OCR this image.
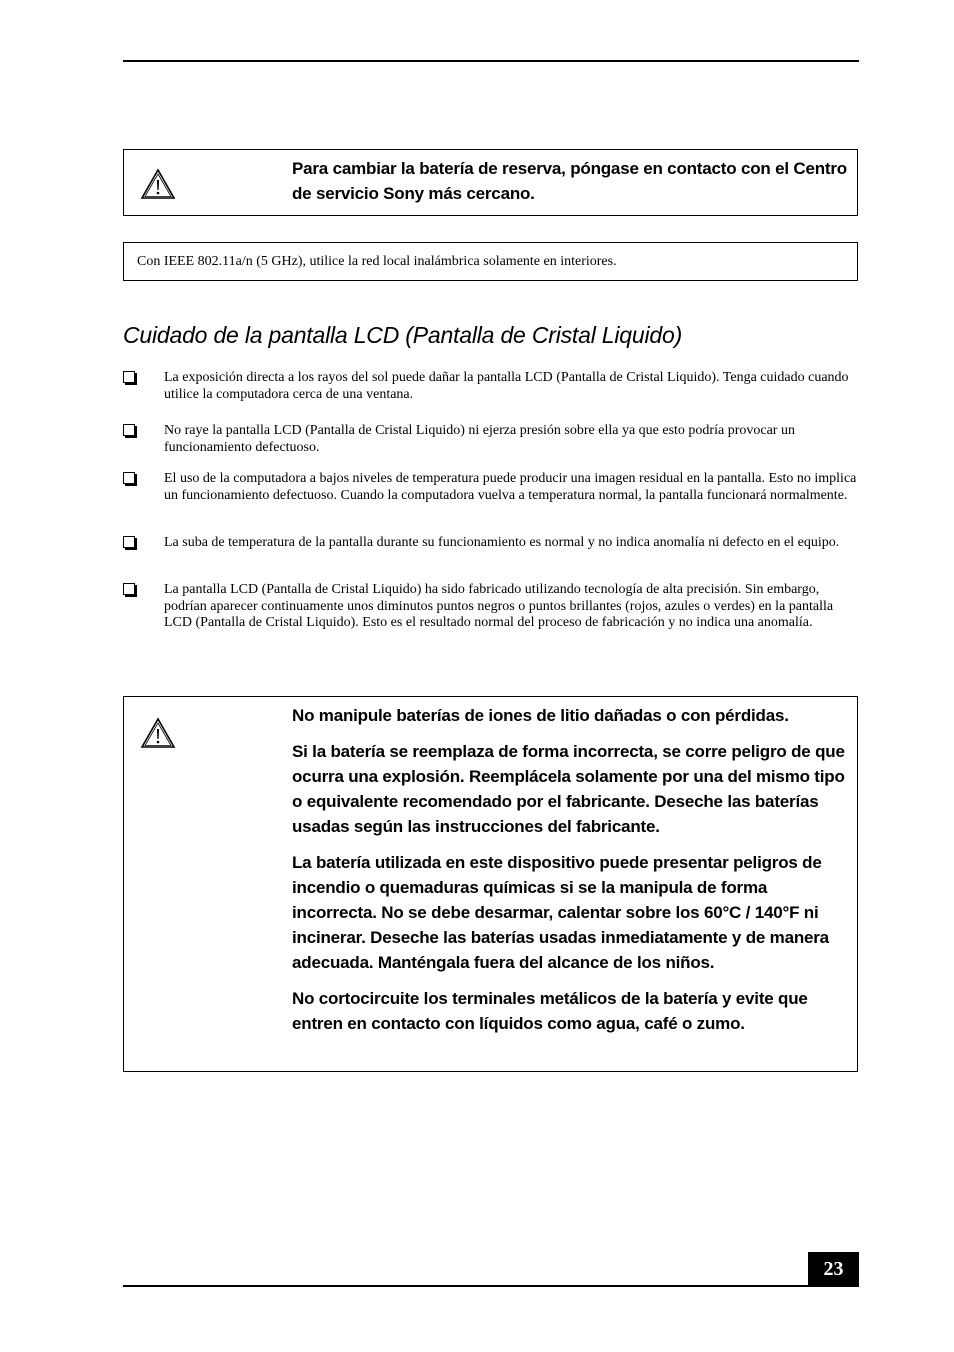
Para cambiar la batería de reserva, póngase en contacto con el Centro de servicio Sony más cercano.

Con IEEE 802.11a/n (5 GHz), utilice la red local inalámbrica solamente en interiores.
Cuidado de la pantalla LCD (Pantalla de Cristal Liquido)
La exposición directa a los rayos del sol puede dañar la pantalla LCD (Pantalla de Cristal Liquido). Tenga cuidado cuando utilice la computadora cerca de una ventana.
No raye la pantalla LCD (Pantalla de Cristal Liquido) ni ejerza presión sobre ella ya que esto podría provocar un funcionamiento defectuoso.
El uso de la computadora a bajos niveles de temperatura puede producir una imagen residual en la pantalla. Esto no implica un funcionamiento defectuoso. Cuando la computadora vuelva a temperatura normal, la pantalla funcionará normalmente.
La suba de temperatura de la pantalla durante su funcionamiento es normal y no indica anomalía ni defecto en el equipo.
La pantalla LCD (Pantalla de Cristal Liquido) ha sido fabricado utilizando tecnología de alta precisión. Sin embargo, podrían aparecer continuamente unos diminutos puntos negros o puntos brillantes (rojos, azules o verdes) en la pantalla LCD (Pantalla de Cristal Liquido). Esto es el resultado normal del proceso de fabricación y no indica una anomalía.

No manipule baterías de iones de litio dañadas o con pérdidas.

Si la batería se reemplaza de forma incorrecta, se corre peligro de que ocurra una explosión. Reemplácela solamente por una del mismo tipo o equivalente recomendado por el fabricante. Deseche las baterías usadas según las instrucciones del fabricante.

La batería utilizada en este dispositivo puede presentar peligros de incendio o quemaduras químicas si se la manipula de forma incorrecta. No se debe desarmar, calentar sobre los 60°C / 140°F ni incinerar. Deseche las baterías usadas inmediatamente y de manera adecuada. Manténgala fuera del alcance de los niños.

No cortocircuite los terminales metálicos de la batería y evite que entren en contacto con líquidos como agua, café o zumo.

23
